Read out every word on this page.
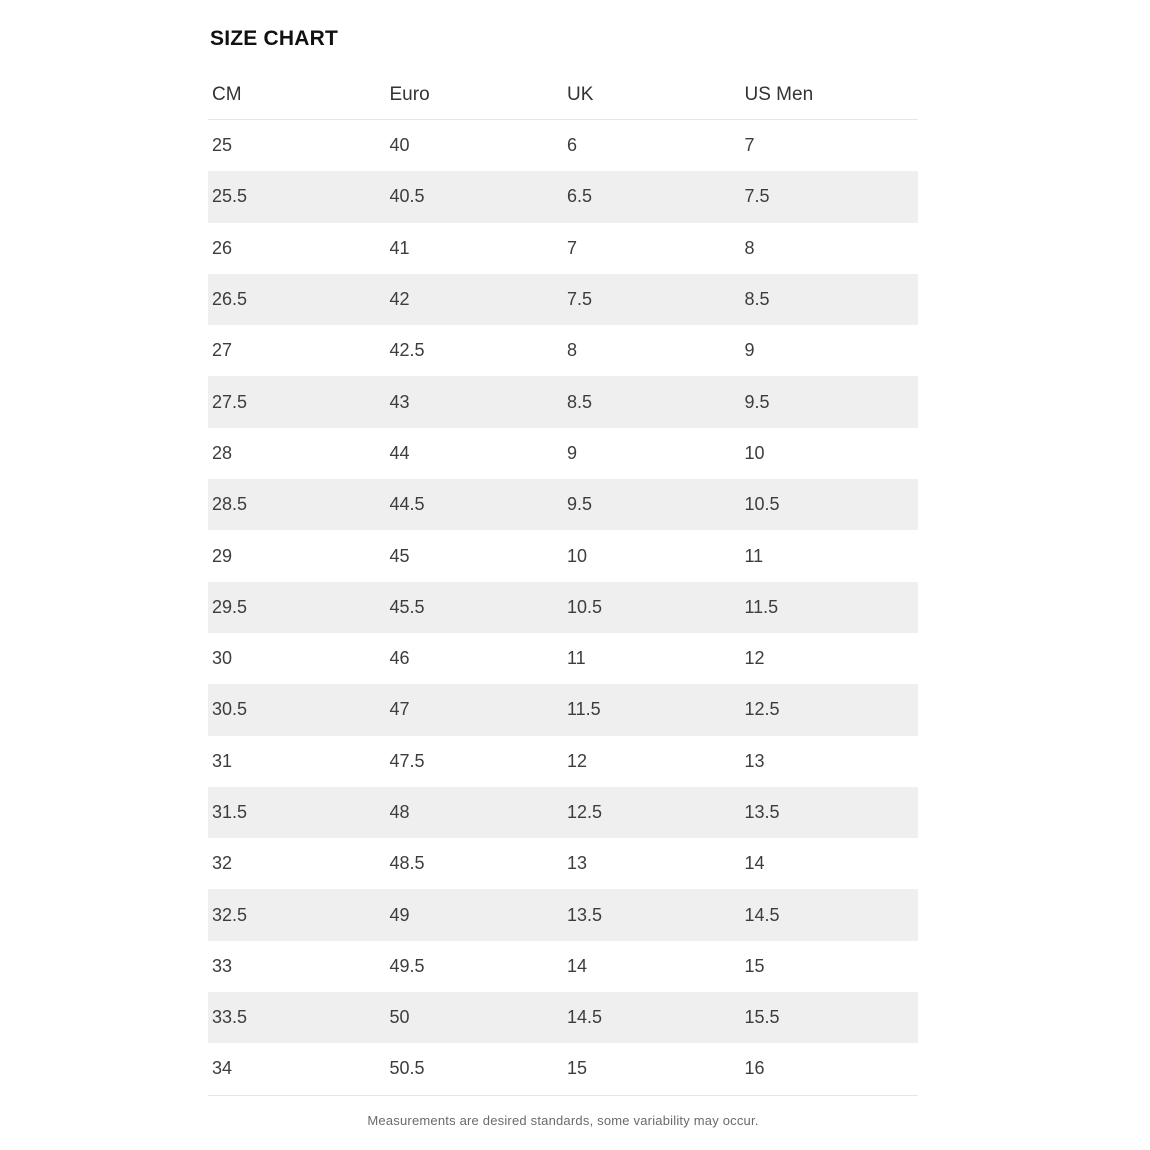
SIZE CHART
CM	Euro	UK	US Men
25	40	6	7
25.5	40.5	6.5	7.5
26	41	7	8
26.5	42	7.5	8.5
27	42.5	8	9
27.5	43	8.5	9.5
28	44	9	10
28.5	44.5	9.5	10.5
29	45	10	11
29.5	45.5	10.5	11.5
30	46	11	12
30.5	47	11.5	12.5
31	47.5	12	13
31.5	48	12.5	13.5
32	48.5	13	14
32.5	49	13.5	14.5
33	49.5	14	15
33.5	50	14.5	15.5
34	50.5	15	16
Measurements are desired standards, some variability may occur.
